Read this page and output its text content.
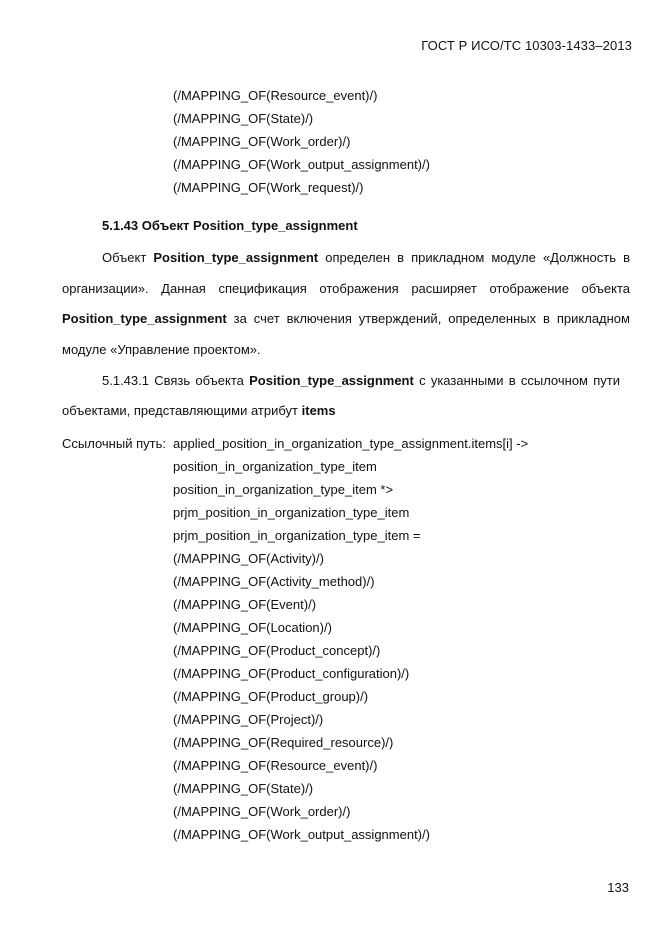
ГОСТ Р ИСО/ТС 10303-1433–2013
(/MAPPING_OF(Resource_event)/)
(/MAPPING_OF(State)/)
(/MAPPING_OF(Work_order)/)
(/MAPPING_OF(Work_output_assignment)/)
(/MAPPING_OF(Work_request)/)
5.1.43 Объект Position_type_assignment
Объект Position_type_assignment определен в прикладном модуле «Должность в
организации». Данная спецификация отображения расширяет отображение объекта
Position_type_assignment за счет включения утверждений, определенных в прикладном
модуле «Управление проектом».
5.1.43.1 Связь объекта Position_type_assignment с указанными в ссылочном пути
объектами, представляющими атрибут items
Ссылочный путь: applied_position_in_organization_type_assignment.items[i] ->
position_in_organization_type_item
position_in_organization_type_item *>
prjm_position_in_organization_type_item
prjm_position_in_organization_type_item =
(/MAPPING_OF(Activity)/)
(/MAPPING_OF(Activity_method)/)
(/MAPPING_OF(Event)/)
(/MAPPING_OF(Location)/)
(/MAPPING_OF(Product_concept)/)
(/MAPPING_OF(Product_configuration)/)
(/MAPPING_OF(Product_group)/)
(/MAPPING_OF(Project)/)
(/MAPPING_OF(Required_resource)/)
(/MAPPING_OF(Resource_event)/)
(/MAPPING_OF(State)/)
(/MAPPING_OF(Work_order)/)
(/MAPPING_OF(Work_output_assignment)/)
133
